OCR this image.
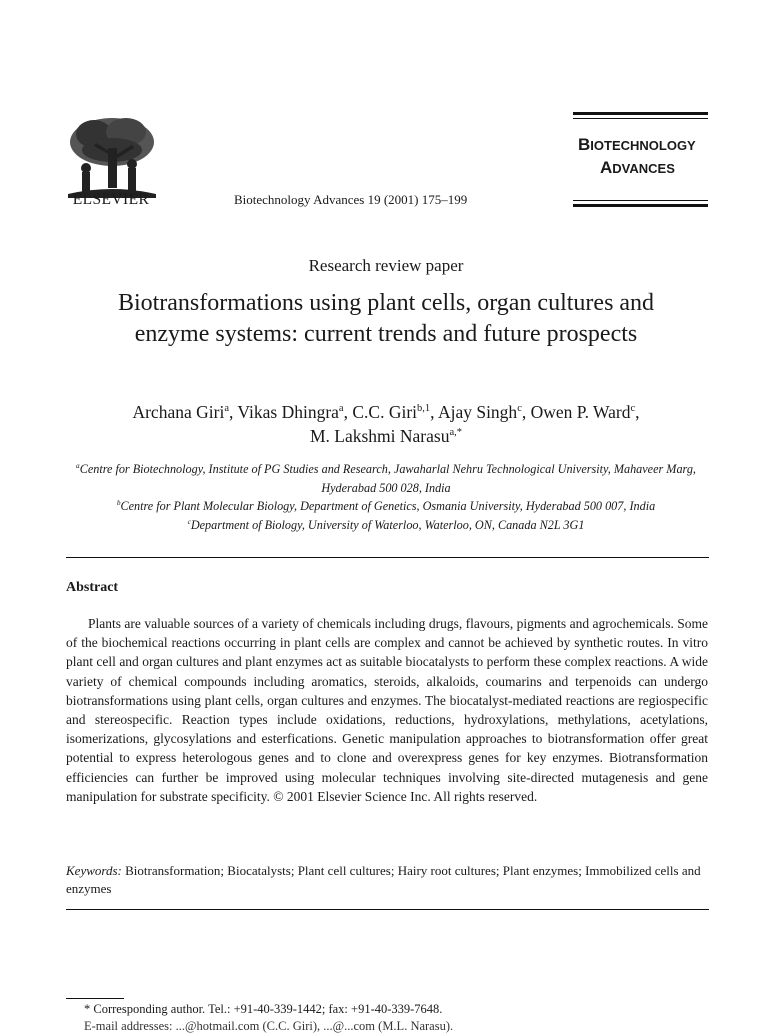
ELSEVIER	Biotechnology Advances 19 (2001) 175–199
BIOTECHNOLOGY
ADVANCES
Research review paper
Biotransformations using plant cells, organ cultures and enzyme systems: current trends and future prospects
Archana Giri$^a$, Vikas Dhingra$^a$, C.C. Giri$^{b,1}$, Ajay Singh$^c$, Owen P. Ward$^c$,
M. Lakshmi Narasu$^{a,*}$
$^a$Centre for Biotechnology, Institute of PG Studies and Research, Jawaharlal Nehru Technological University, Mahaveer Marg, Hyderabad 500 028, India
$^b$Centre for Plant Molecular Biology, Department of Genetics, Osmania University, Hyderabad 500 007, India
$^c$Department of Biology, University of Waterloo, Waterloo, ON, Canada N2L 3G1
Abstract
Plants are valuable sources of a variety of chemicals including drugs, flavours, pigments and agrochemicals. Some of the biochemical reactions occurring in plant cells are complex and cannot be achieved by synthetic routes. In vitro plant cell and organ cultures and plant enzymes act as suitable biocatalysts to perform these complex reactions. A wide variety of chemical compounds including aromatics, steroids, alkaloids, coumarins and terpenoids can undergo biotransformations using plant cells, organ cultures and enzymes. The biocatalyst-mediated reactions are regiospecific and stereospecific. Reaction types include oxidations, reductions, hydroxylations, methylations, acetylations, isomerizations, glycosylations and esterfications. Genetic manipulation approaches to biotransformation offer great potential to express heterologous genes and to clone and overexpress genes for key enzymes. Biotransformation efficiencies can further be improved using molecular techniques involving site-directed mutagenesis and gene manipulation for substrate specificity. © 2001 Elsevier Science Inc. All rights reserved.
Keywords: Biotransformation; Biocatalysts; Plant cell cultures; Hairy root cultures; Plant enzymes; Immobilized cells and enzymes
* Corresponding author. Tel.: +91-40-339-1442; fax: +91-40-339-7648.
E-mail addresses: ...@hotmail.com (C.C. Giri), ...@...com (M.L. Narasu).
